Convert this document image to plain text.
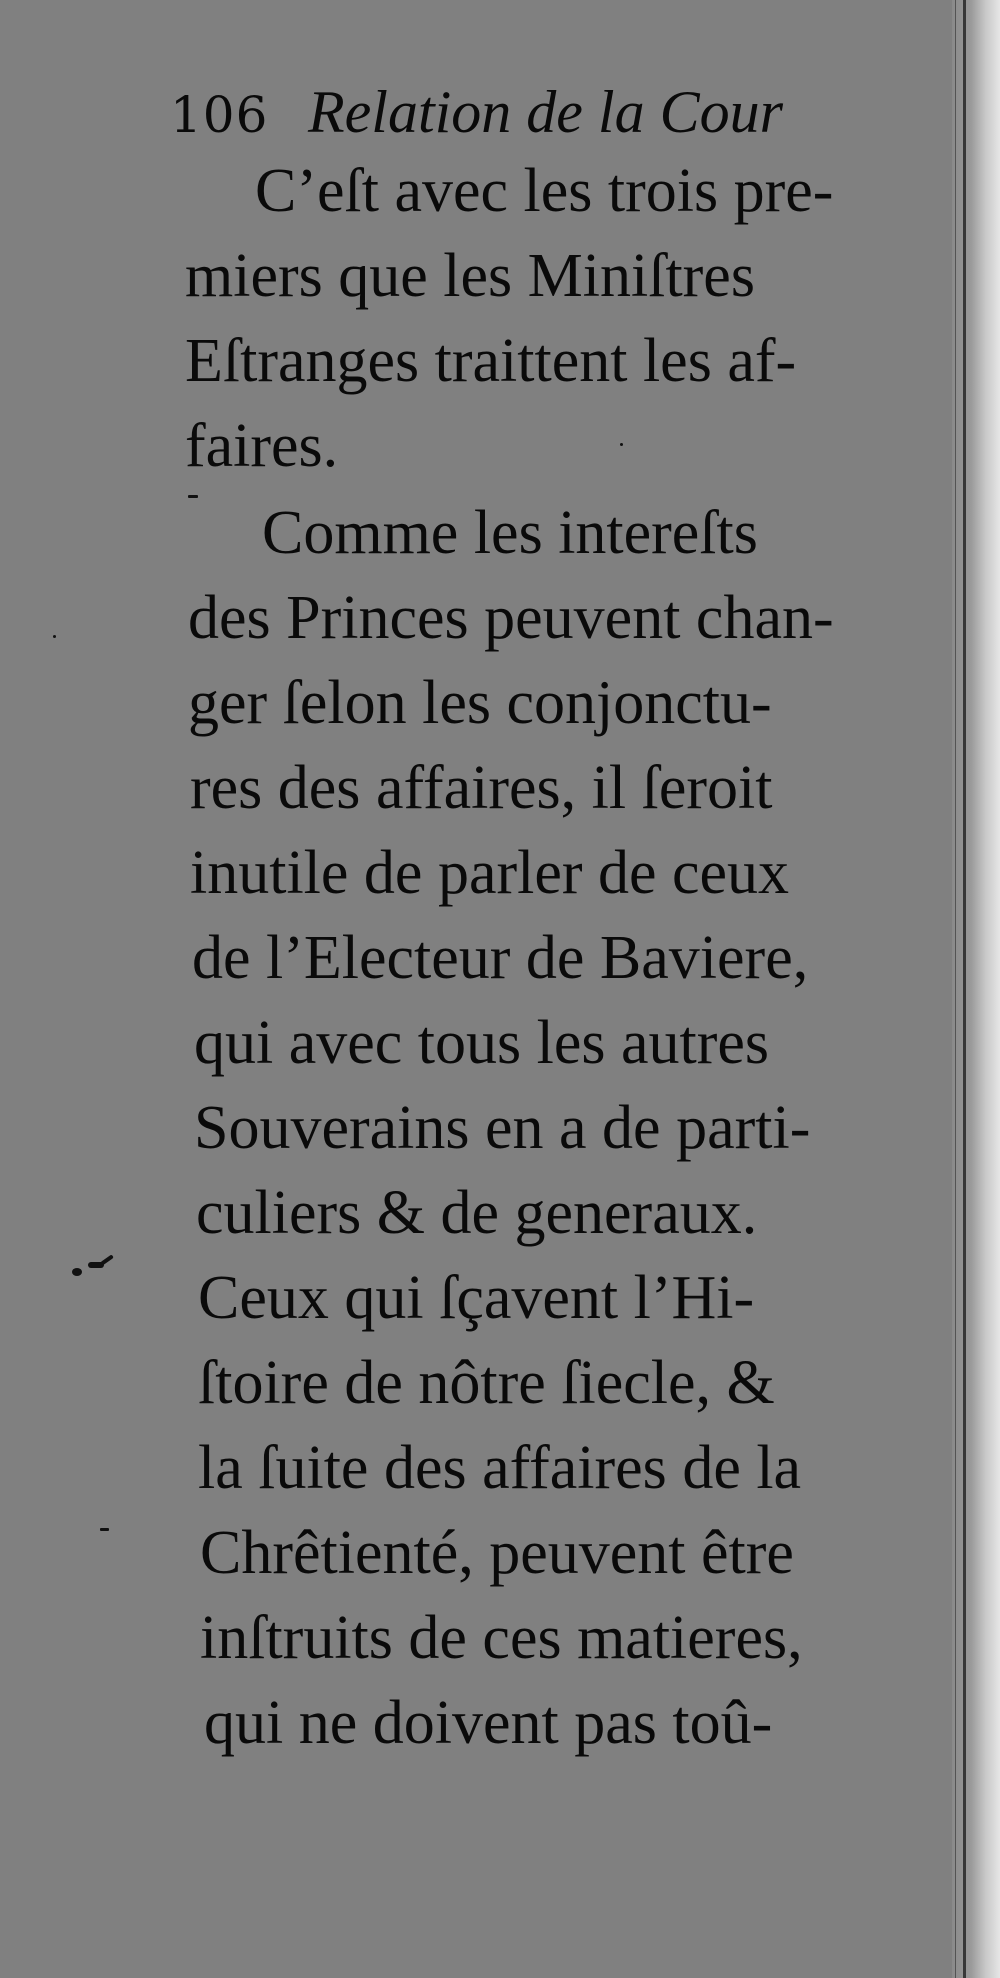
106 Relation de la Cour
C’eſt avec les trois pre-
miers que les Miniſtres
Eſtranges traittent les af-
faires.
Comme les intereſts
des Princes peuvent chan-
ger ſelon les conjonctu-
res des affaires, il ſeroit
inutile de parler de ceux
de l’Electeur de Baviere,
qui avec tous les autres
Souverains en a de parti-
culiers & de generaux.
Ceux qui ſçavent l’Hi-
ſtoire de nôtre ſiecle, &
la ſuite des affaires de la
Chrêtienté, peuvent être
inſtruits de ces matieres,
qui ne doivent pas toû-
